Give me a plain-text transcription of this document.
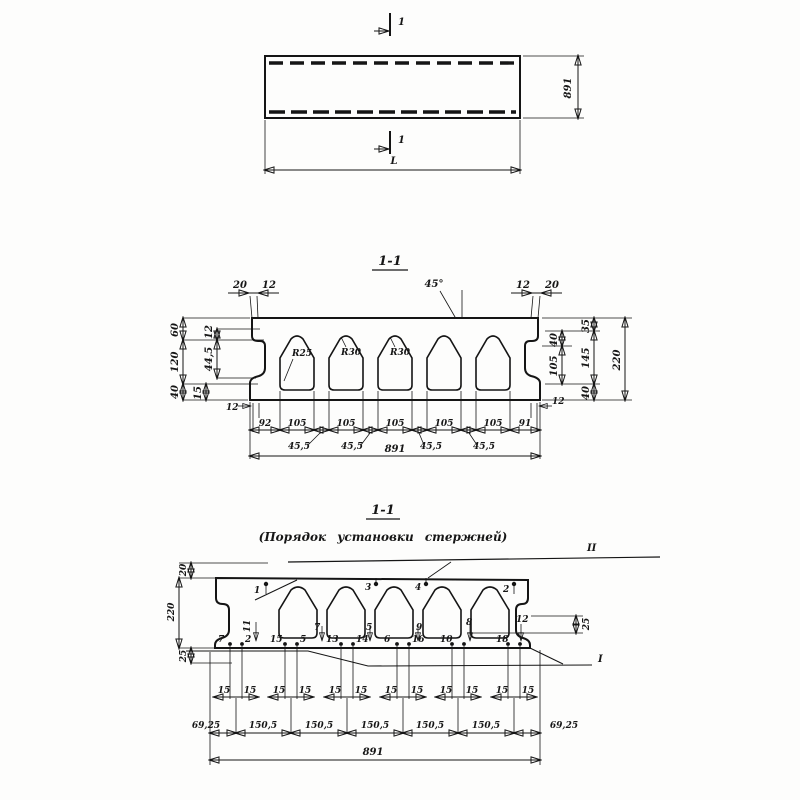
1
1
L
891
1-1
45°
R25	R30	R30
20 12	12 20
60
120
40
12
44,5
15
12
40
105
35
145
40
220
12
92 105	105	105	105	105 91
45,5	45,5	45,5	45,5
891
1-1
(Порядок установки стержней)
II
I
1	3	4	2
11	7	5	9	8	12
7 2 15 5 13 14 6 16 10	18
15 15 15 15 15 15 15 15 15 15 15 15
20
220
25
25
69,25	150,5	150,5	150,5	150,5	150,5	69,25
891
